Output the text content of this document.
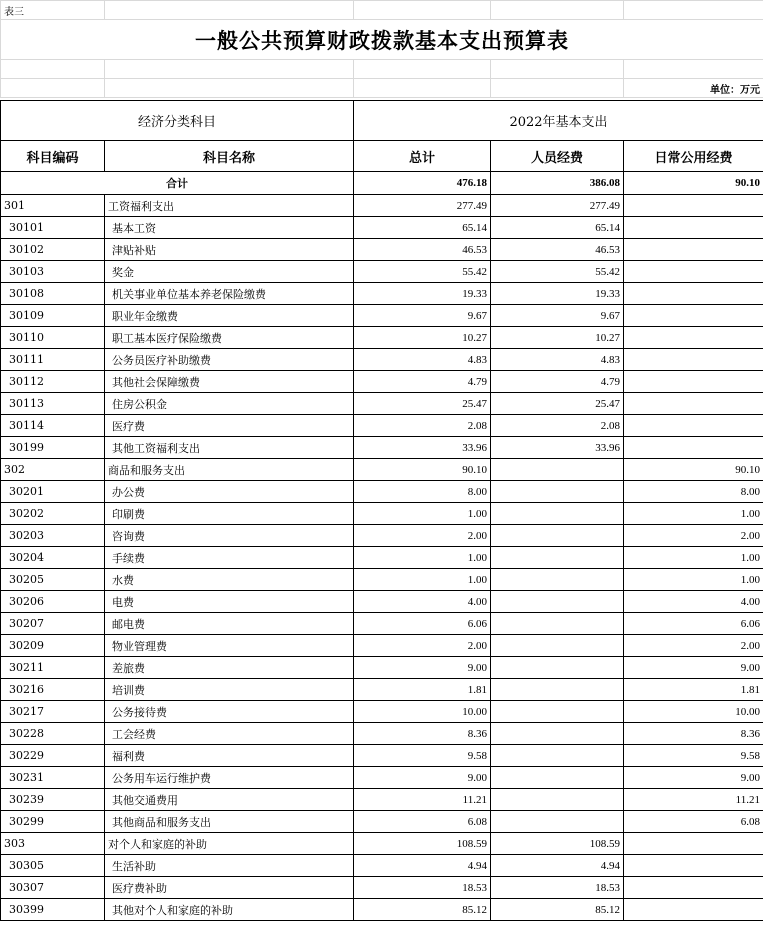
表三				
一般公共预算财政拨款基本支出预算表				

				单位：万元
经济分类科目		2022年基本支出		
科目编码	科目名称	总计	人员经费	日常公用经费
合计		476.18	386.08	90.10
301	工资福利支出	277.49	277.49	
30101	基本工资	65.14	65.14	
30102	津贴补贴	46.53	46.53	
30103	奖金	55.42	55.42	
30108	机关事业单位基本养老保险缴费	19.33	19.33	
30109	职业年金缴费	9.67	9.67	
30110	职工基本医疗保险缴费	10.27	10.27	
30111	公务员医疗补助缴费	4.83	4.83	
30112	其他社会保障缴费	4.79	4.79	
30113	住房公积金	25.47	25.47	
30114	医疗费	2.08	2.08	
30199	其他工资福利支出	33.96	33.96	
302	商品和服务支出	90.10		90.10
30201	办公费	8.00		8.00
30202	印刷费	1.00		1.00
30203	咨询费	2.00		2.00
30204	手续费	1.00		1.00
30205	水费	1.00		1.00
30206	电费	4.00		4.00
30207	邮电费	6.06		6.06
30209	物业管理费	2.00		2.00
30211	差旅费	9.00		9.00
30216	培训费	1.81		1.81
30217	公务接待费	10.00		10.00
30228	工会经费	8.36		8.36
30229	福利费	9.58		9.58
30231	公务用车运行维护费	9.00		9.00
30239	其他交通费用	11.21		11.21
30299	其他商品和服务支出	6.08		6.08
303	对个人和家庭的补助	108.59	108.59	
30305	生活补助	4.94	4.94	
30307	医疗费补助	18.53	18.53	
30399	其他对个人和家庭的补助	85.12	85.12	
